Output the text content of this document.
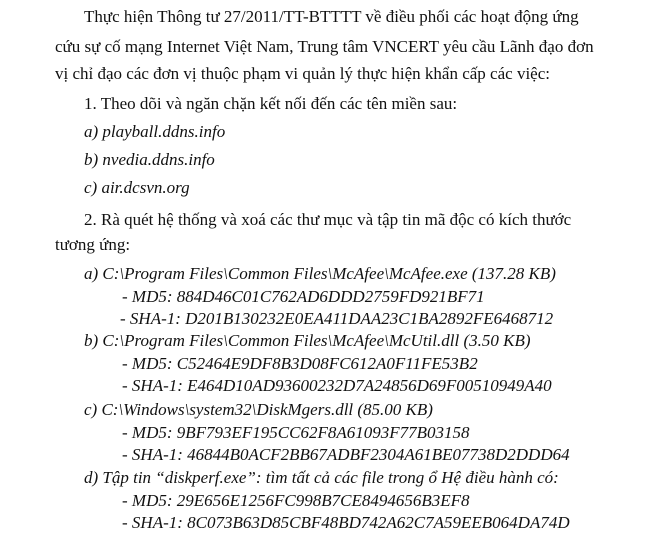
Thực hiện Thông tư 27/2011/TT-BTTTT về điều phối các hoạt động ứng
cứu sự cố mạng Internet Việt Nam, Trung tâm VNCERT yêu cầu Lãnh đạo đơn
vị chỉ đạo các đơn vị thuộc phạm vi quản lý thực hiện khẩn cấp các việc:
1. Theo dõi và ngăn chặn kết nối đến các tên miền sau:
a) playball.ddns.info
b) nvedia.ddns.info
c) air.dcsvn.org
2. Rà quét hệ thống và xoá các thư mục và tập tin mã độc có kích thước
tương ứng:
a) C:\Program Files\Common Files\McAfee\McAfee.exe (137.28 KB)
- MD5: 884D46C01C762AD6DDD2759FD921BF71
- SHA-1: D201B130232E0EA411DAA23C1BA2892FE6468712
b) C:\Program Files\Common Files\McAfee\McUtil.dll (3.50 KB)
- MD5: C52464E9DF8B3D08FC612A0F11FE53B2
- SHA-1: E464D10AD93600232D7A24856D69F00510949A40
c) C:\Windows\system32\DiskMgers.dll (85.00 KB)
- MD5: 9BF793EF195CC62F8A61093F77B03158
- SHA-1: 46844B0ACF2BB67ADBF2304A61BE07738D2DDD64
d) Tập tin “diskperf.exe”: tìm tất cả các file trong ổ Hệ điều hành có:
- MD5: 29E656E1256FC998B7CE8494656B3EF8
- SHA-1: 8C073B63D85CBF48BD742A62C7A59EEB064DA74D
